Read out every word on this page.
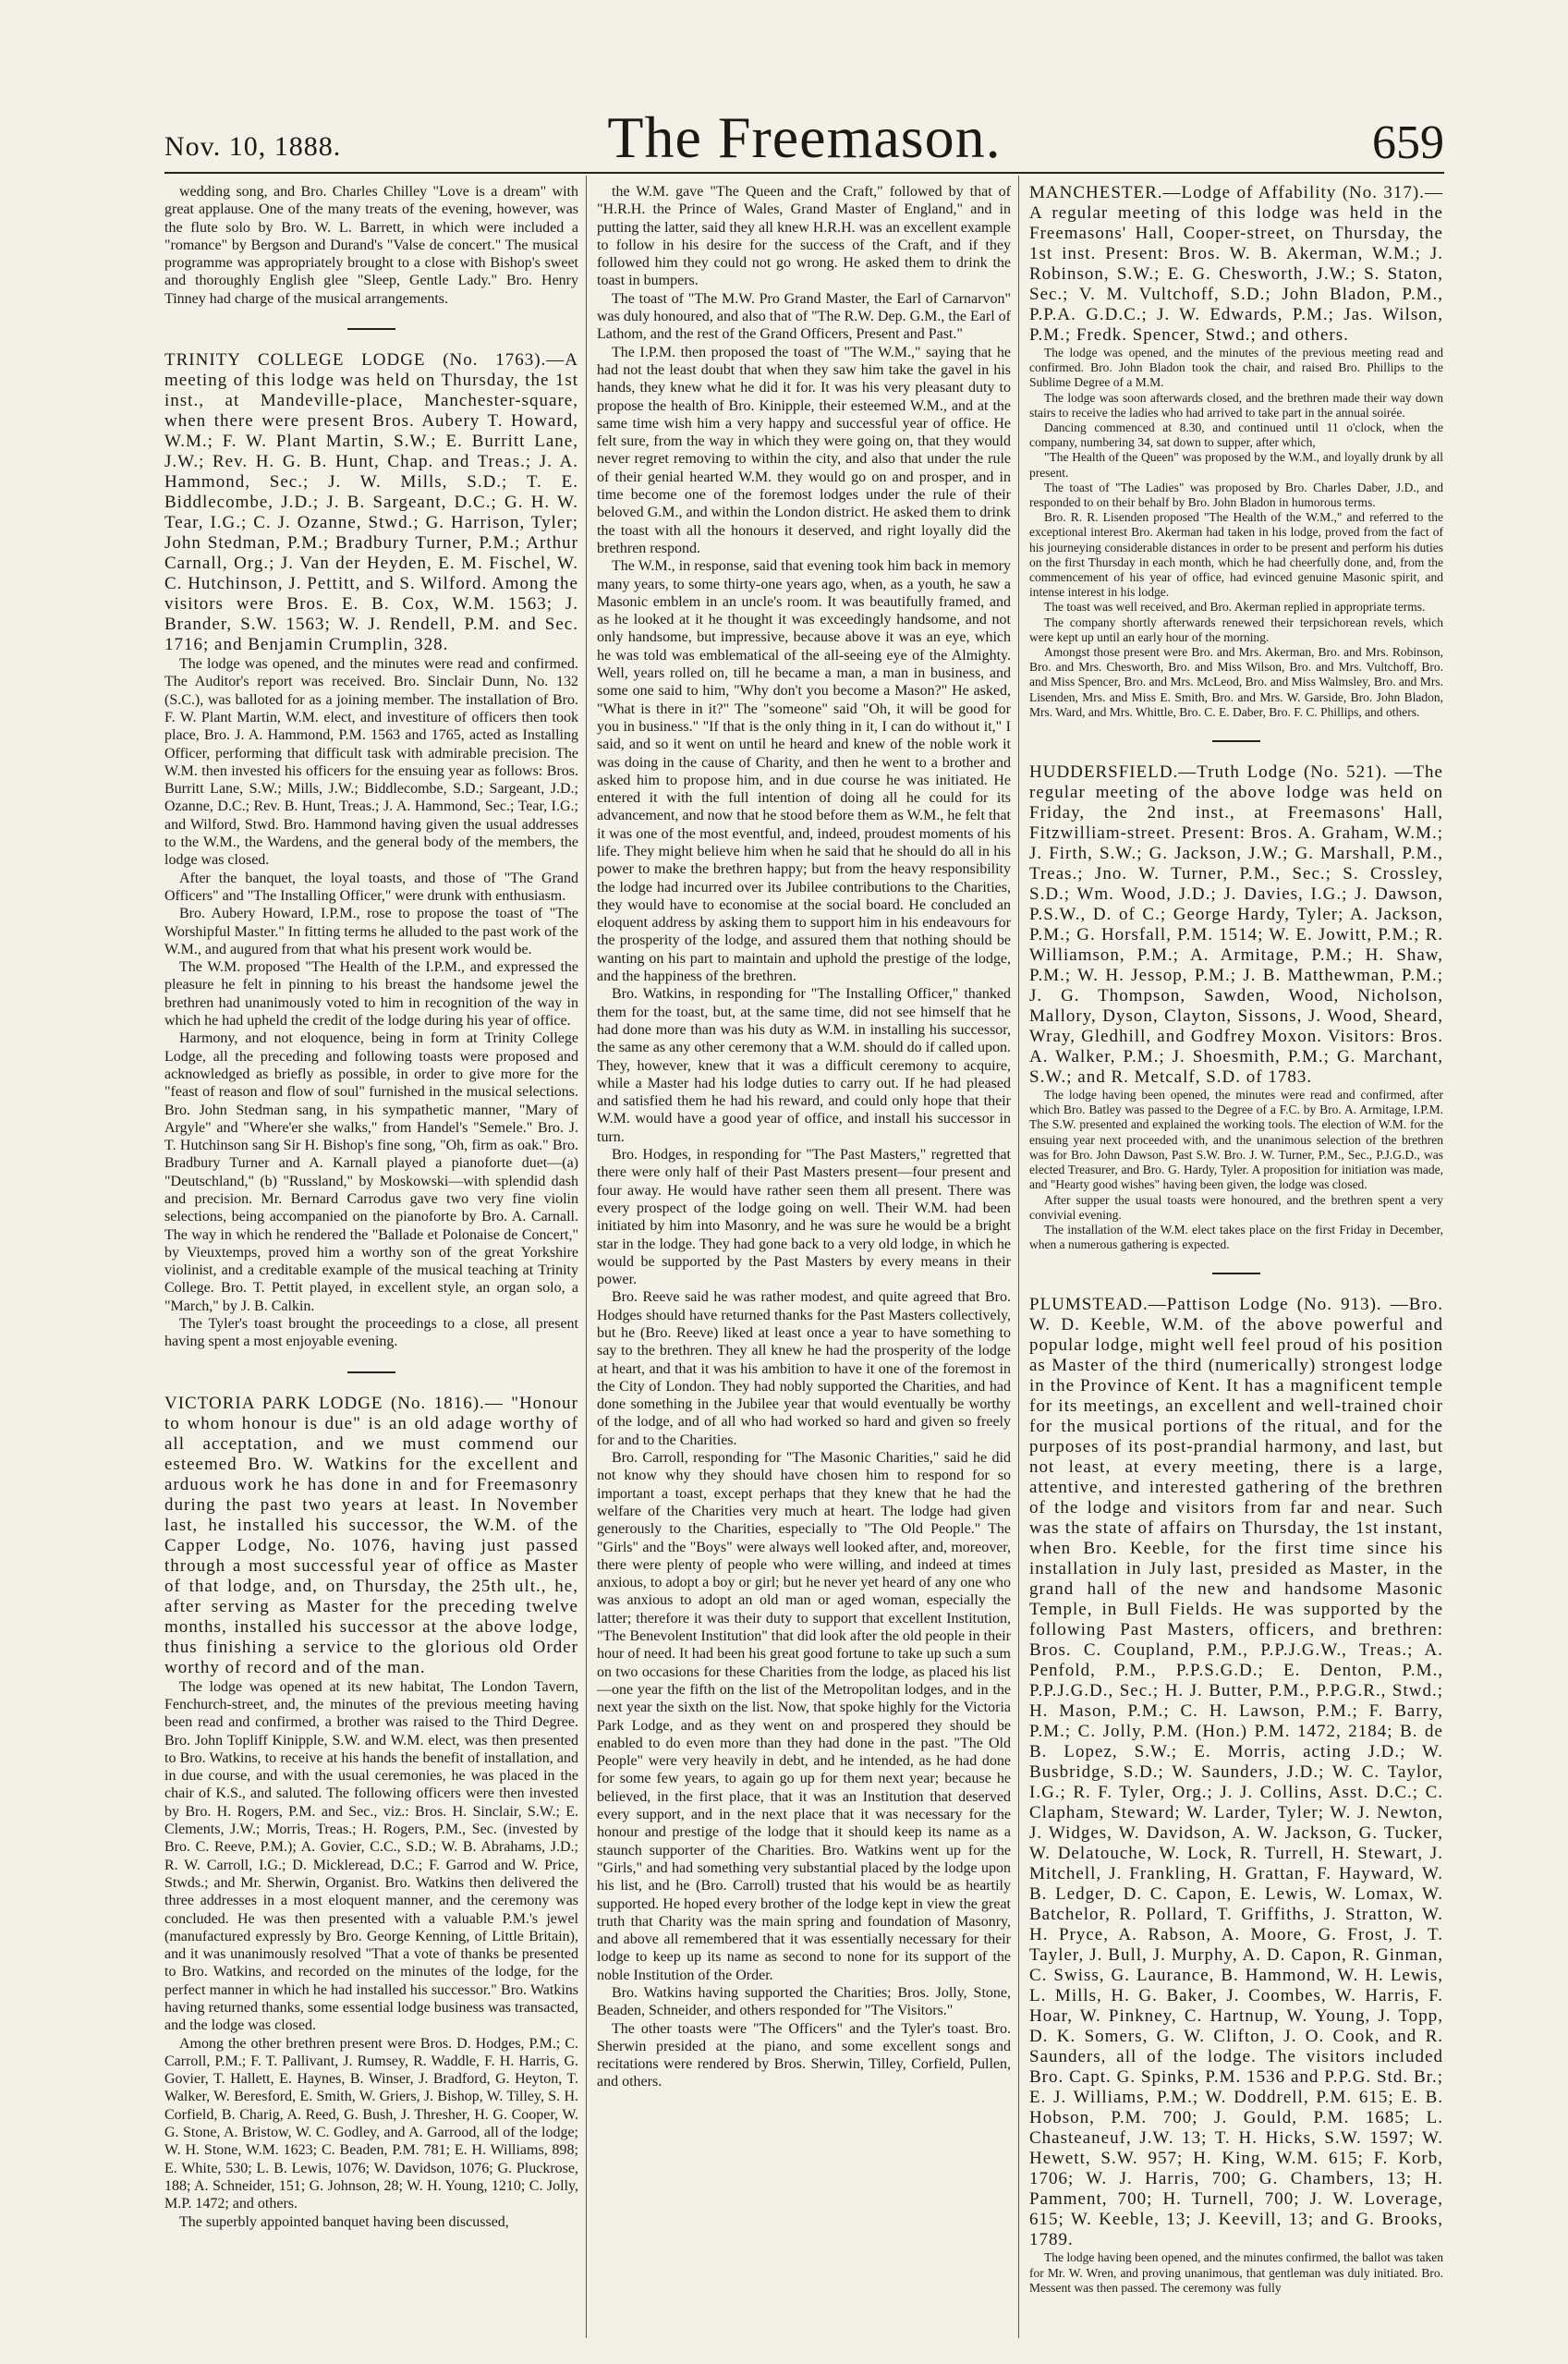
Nov. 10, 1888.	The Freemason.	659

wedding song, and Bro. Charles Chilley "Love is a dream" with great applause. One of the many treats of the evening, however, was the flute solo by Bro. W. L. Barrett, in which were included a "romance" by Bergson and Durand's "Valse de concert." The musical programme was appropriately brought to a close with Bishop's sweet and thoroughly English glee "Sleep, Gentle Lady." Bro. Henry Tinney had charge of the musical arrangements.

TRINITY COLLEGE LODGE (No. 1763).—A meeting of this lodge was held on Thursday, the 1st inst., at Mandeville-place, Manchester-square, when there were present Bros. Aubery T. Howard, W.M.; F. W. Plant Martin, S.W.; E. Burritt Lane, J.W.; Rev. H. G. B. Hunt, Chap. and Treas.; J. A. Hammond, Sec.; J. W. Mills, S.D.; T. E. Biddlecombe, J.D.; J. B. Sargeant, D.C.; G. H. W. Tear, I.G.; C. J. Ozanne, Stwd.; G. Harrison, Tyler; John Stedman, P.M.; Bradbury Turner, P.M.; Arthur Carnall, Org.; J. Van der Heyden, E. M. Fischel, W. C. Hutchinson, J. Pettitt, and S. Wilford. Among the visitors were Bros. E. B. Cox, W.M. 1563; J. Brander, S.W. 1563; W. J. Rendell, P.M. and Sec. 1716; and Benjamin Crumplin, 328.

The lodge was opened, and the minutes were read and confirmed. The Auditor's report was received. Bro. Sinclair Dunn, No. 132 (S.C.), was balloted for as a joining member. The installation of Bro. F. W. Plant Martin, W.M. elect, and investiture of officers then took place, Bro. J. A. Hammond, P.M. 1563 and 1765, acted as Installing Officer, performing that difficult task with admirable precision. The W.M. then invested his officers for the ensuing year as follows: Bros. Burritt Lane, S.W.; Mills, J.W.; Biddlecombe, S.D.; Sargeant, J.D.; Ozanne, D.C.; Rev. B. Hunt, Treas.; J. A. Hammond, Sec.; Tear, I.G.; and Wilford, Stwd. Bro. Hammond having given the usual addresses to the W.M., the Wardens, and the general body of the members, the lodge was closed.

After the banquet, the loyal toasts, and those of "The Grand Officers" and "The Installing Officer," were drunk with enthusiasm.

Bro. Aubery Howard, I.P.M., rose to propose the toast of "The Worshipful Master." In fitting terms he alluded to the past work of the W.M., and augured from that what his present work would be.

The W.M. proposed "The Health of the I.P.M., and expressed the pleasure he felt in pinning to his breast the handsome jewel the brethren had unanimously voted to him in recognition of the way in which he had upheld the credit of the lodge during his year of office.

Harmony, and not eloquence, being in form at Trinity College Lodge, all the preceding and following toasts were proposed and acknowledged as briefly as possible, in order to give more for the "feast of reason and flow of soul" furnished in the musical selections. Bro. John Stedman sang, in his sympathetic manner, "Mary of Argyle" and "Where'er she walks," from Handel's "Semele." Bro. J. T. Hutchinson sang Sir H. Bishop's fine song, "Oh, firm as oak." Bro. Bradbury Turner and A. Karnall played a pianoforte duet—(a) "Deutschland," (b) "Russland," by Moskowski—with splendid dash and precision. Mr. Bernard Carrodus gave two very fine violin selections, being accompanied on the pianoforte by Bro. A. Carnall. The way in which he rendered the "Ballade et Polonaise de Concert," by Vieuxtemps, proved him a worthy son of the great Yorkshire violinist, and a creditable example of the musical teaching at Trinity College. Bro. T. Pettit played, in excellent style, an organ solo, a "March," by J. B. Calkin.

The Tyler's toast brought the proceedings to a close, all present having spent a most enjoyable evening.

VICTORIA PARK LODGE (No. 1816).— "Honour to whom honour is due" is an old adage worthy of all acceptation, and we must commend our esteemed Bro. W. Watkins for the excellent and arduous work he has done in and for Freemasonry during the past two years at least. In November last, he installed his successor, the W.M. of the Capper Lodge, No. 1076, having just passed through a most successful year of office as Master of that lodge, and, on Thursday, the 25th ult., he, after serving as Master for the preceding twelve months, installed his successor at the above lodge, thus finishing a service to the glorious old Order worthy of record and of the man.

The lodge was opened at its new habitat, The London Tavern, Fenchurch-street, and, the minutes of the previous meeting having been read and confirmed, a brother was raised to the Third Degree. Bro. John Topliff Kinipple, S.W. and W.M. elect, was then presented to Bro. Watkins, to receive at his hands the benefit of installation, and in due course, and with the usual ceremonies, he was placed in the chair of K.S., and saluted. The following officers were then invested by Bro. H. Rogers, P.M. and Sec., viz.: Bros. H. Sinclair, S.W.; E. Clements, J.W.; Morris, Treas.; H. Rogers, P.M., Sec. (invested by Bro. C. Reeve, P.M.); A. Govier, C.C., S.D.; W. B. Abrahams, J.D.; R. W. Carroll, I.G.; D. Mickleread, D.C.; F. Garrod and W. Price, Stwds.; and Mr. Sherwin, Organist. Bro. Watkins then delivered the three addresses in a most eloquent manner, and the ceremony was concluded. He was then presented with a valuable P.M.'s jewel (manufactured expressly by Bro. George Kenning, of Little Britain), and it was unanimously resolved "That a vote of thanks be presented to Bro. Watkins, and recorded on the minutes of the lodge, for the perfect manner in which he had installed his successor." Bro. Watkins having returned thanks, some essential lodge business was transacted, and the lodge was closed.

Among the other brethren present were Bros. D. Hodges, P.M.; C. Carroll, P.M.; F. T. Pallivant, J. Rumsey, R. Waddle, F. H. Harris, G. Govier, T. Hallett, E. Haynes, B. Winser, J. Bradford, G. Heyton, T. Walker, W. Beresford, E. Smith, W. Griers, J. Bishop, W. Tilley, S. H. Corfield, B. Charig, A. Reed, G. Bush, J. Thresher, H. G. Cooper, W. G. Stone, A. Bristow, W. C. Godley, and A. Garrood, all of the lodge; W. H. Stone, W.M. 1623; C. Beaden, P.M. 781; E. H. Williams, 898; E. White, 530; L. B. Lewis, 1076; W. Davidson, 1076; G. Pluckrose, 188; A. Schneider, 151; G. Johnson, 28; W. H. Young, 1210; C. Jolly, M.P. 1472; and others.

The superbly appointed banquet having been discussed,

the W.M. gave "The Queen and the Craft," followed by that of "H.R.H. the Prince of Wales, Grand Master of England," and in putting the latter, said they all knew H.R.H. was an excellent example to follow in his desire for the success of the Craft, and if they followed him they could not go wrong. He asked them to drink the toast in bumpers.

The toast of "The M.W. Pro Grand Master, the Earl of Carnarvon" was duly honoured, and also that of "The R.W. Dep. G.M., the Earl of Lathom, and the rest of the Grand Officers, Present and Past."

The I.P.M. then proposed the toast of "The W.M.," saying that he had not the least doubt that when they saw him take the gavel in his hands, they knew what he did it for. It was his very pleasant duty to propose the health of Bro. Kinipple, their esteemed W.M., and at the same time wish him a very happy and successful year of office. He felt sure, from the way in which they were going on, that they would never regret removing to within the city, and also that under the rule of their genial hearted W.M. they would go on and prosper, and in time become one of the foremost lodges under the rule of their beloved G.M., and within the London district. He asked them to drink the toast with all the honours it deserved, and right loyally did the brethren respond.

The W.M., in response, said that evening took him back in memory many years, to some thirty-one years ago, when, as a youth, he saw a Masonic emblem in an uncle's room. It was beautifully framed, and as he looked at it he thought it was exceedingly handsome, and not only handsome, but impressive, because above it was an eye, which he was told was emblematical of the all-seeing eye of the Almighty. Well, years rolled on, till he became a man, a man in business, and some one said to him, "Why don't you become a Mason?" He asked, "What is there in it?" The "someone" said "Oh, it will be good for you in business." "If that is the only thing in it, I can do without it," I said, and so it went on until he heard and knew of the noble work it was doing in the cause of Charity, and then he went to a brother and asked him to propose him, and in due course he was initiated. He entered it with the full intention of doing all he could for its advancement, and now that he stood before them as W.M., he felt that it was one of the most eventful, and, indeed, proudest moments of his life. They might believe him when he said that he should do all in his power to make the brethren happy; but from the heavy responsibility the lodge had incurred over its Jubilee contributions to the Charities, they would have to economise at the social board. He concluded an eloquent address by asking them to support him in his endeavours for the prosperity of the lodge, and assured them that nothing should be wanting on his part to maintain and uphold the prestige of the lodge, and the happiness of the brethren.

Bro. Watkins, in responding for "The Installing Officer," thanked them for the toast, but, at the same time, did not see himself that he had done more than was his duty as W.M. in installing his successor, the same as any other ceremony that a W.M. should do if called upon. They, however, knew that it was a difficult ceremony to acquire, while a Master had his lodge duties to carry out. If he had pleased and satisfied them he had his reward, and could only hope that their W.M. would have a good year of office, and install his successor in turn.

Bro. Hodges, in responding for "The Past Masters," regretted that there were only half of their Past Masters present—four present and four away. He would have rather seen them all present. There was every prospect of the lodge going on well. Their W.M. had been initiated by him into Masonry, and he was sure he would be a bright star in the lodge. They had gone back to a very old lodge, in which he would be supported by the Past Masters by every means in their power.

Bro. Reeve said he was rather modest, and quite agreed that Bro. Hodges should have returned thanks for the Past Masters collectively, but he (Bro. Reeve) liked at least once a year to have something to say to the brethren. They all knew he had the prosperity of the lodge at heart, and that it was his ambition to have it one of the foremost in the City of London. They had nobly supported the Charities, and had done something in the Jubilee year that would eventually be worthy of the lodge, and of all who had worked so hard and given so freely for and to the Charities.

Bro. Carroll, responding for "The Masonic Charities," said he did not know why they should have chosen him to respond for so important a toast, except perhaps that they knew that he had the welfare of the Charities very much at heart. The lodge had given generously to the Charities, especially to "The Old People." The "Girls" and the "Boys" were always well looked after, and, moreover, there were plenty of people who were willing, and indeed at times anxious, to adopt a boy or girl; but he never yet heard of any one who was anxious to adopt an old man or aged woman, especially the latter; therefore it was their duty to support that excellent Institution, "The Benevolent Institution" that did look after the old people in their hour of need. It had been his great good fortune to take up such a sum on two occasions for these Charities from the lodge, as placed his list—one year the fifth on the list of the Metropolitan lodges, and in the next year the sixth on the list. Now, that spoke highly for the Victoria Park Lodge, and as they went on and prospered they should be enabled to do even more than they had done in the past. "The Old People" were very heavily in debt, and he intended, as he had done for some few years, to again go up for them next year; because he believed, in the first place, that it was an Institution that deserved every support, and in the next place that it was necessary for the honour and prestige of the lodge that it should keep its name as a staunch supporter of the Charities. Bro. Watkins went up for the "Girls," and had something very substantial placed by the lodge upon his list, and he (Bro. Carroll) trusted that his would be as heartily supported. He hoped every brother of the lodge kept in view the great truth that Charity was the main spring and foundation of Masonry, and above all remembered that it was essentially necessary for their lodge to keep up its name as second to none for its support of the noble Institution of the Order.

Bro. Watkins having supported the Charities; Bros. Jolly, Stone, Beaden, Schneider, and others responded for "The Visitors."

The other toasts were "The Officers" and the Tyler's toast. Bro. Sherwin presided at the piano, and some excellent songs and recitations were rendered by Bros. Sherwin, Tilley, Corfield, Pullen, and others.

MANCHESTER.—Lodge of Affability (No. 317).—A regular meeting of this lodge was held in the Freemasons' Hall, Cooper-street, on Thursday, the 1st inst. Present: Bros. W. B. Akerman, W.M.; J. Robinson, S.W.; E. G. Chesworth, J.W.; S. Staton, Sec.; V. M. Vultchoff, S.D.; John Bladon, P.M., P.P.A. G.D.C.; J. W. Edwards, P.M.; Jas. Wilson, P.M.; Fredk. Spencer, Stwd.; and others.

The lodge was opened, and the minutes of the previous meeting read and confirmed. Bro. John Bladon took the chair, and raised Bro. Phillips to the Sublime Degree of a M.M.

The lodge was soon afterwards closed, and the brethren made their way down stairs to receive the ladies who had arrived to take part in the annual soirée.

Dancing commenced at 8.30, and continued until 11 o'clock, when the company, numbering 34, sat down to supper, after which,

"The Health of the Queen" was proposed by the W.M., and loyally drunk by all present.

The toast of "The Ladies" was proposed by Bro. Charles Daber, J.D., and responded to on their behalf by Bro. John Bladon in humorous terms.

Bro. R. R. Lisenden proposed "The Health of the W.M.," and referred to the exceptional interest Bro. Akerman had taken in his lodge, proved from the fact of his journeying considerable distances in order to be present and perform his duties on the first Thursday in each month, which he had cheerfully done, and, from the commencement of his year of office, had evinced genuine Masonic spirit, and intense interest in his lodge.

The toast was well received, and Bro. Akerman replied in appropriate terms.

The company shortly afterwards renewed their terpsichorean revels, which were kept up until an early hour of the morning.

Amongst those present were Bro. and Mrs. Akerman, Bro. and Mrs. Robinson, Bro. and Mrs. Chesworth, Bro. and Miss Wilson, Bro. and Mrs. Vultchoff, Bro. and Miss Spencer, Bro. and Mrs. McLeod, Bro. and Miss Walmsley, Bro. and Mrs. Lisenden, Mrs. and Miss E. Smith, Bro. and Mrs. W. Garside, Bro. John Bladon, Mrs. Ward, and Mrs. Whittle, Bro. C. E. Daber, Bro. F. C. Phillips, and others.

HUDDERSFIELD.—Truth Lodge (No. 521). —The regular meeting of the above lodge was held on Friday, the 2nd inst., at Freemasons' Hall, Fitzwilliam-street. Present: Bros. A. Graham, W.M.; J. Firth, S.W.; G. Jackson, J.W.; G. Marshall, P.M., Treas.; Jno. W. Turner, P.M., Sec.; S. Crossley, S.D.; Wm. Wood, J.D.; J. Davies, I.G.; J. Dawson, P.S.W., D. of C.; George Hardy, Tyler; A. Jackson, P.M.; G. Horsfall, P.M. 1514; W. E. Jowitt, P.M.; R. Williamson, P.M.; A. Armitage, P.M.; H. Shaw, P.M.; W. H. Jessop, P.M.; J. B. Matthewman, P.M.; J. G. Thompson, Sawden, Wood, Nicholson, Mallory, Dyson, Clayton, Sissons, J. Wood, Sheard, Wray, Gledhill, and Godfrey Moxon. Visitors: Bros. A. Walker, P.M.; J. Shoesmith, P.M.; G. Marchant, S.W.; and R. Metcalf, S.D. of 1783.

The lodge having been opened, the minutes were read and confirmed, after which Bro. Batley was passed to the Degree of a F.C. by Bro. A. Armitage, I.P.M. The S.W. presented and explained the working tools. The election of W.M. for the ensuing year next proceeded with, and the unanimous selection of the brethren was for Bro. John Dawson, Past S.W. Bro. J. W. Turner, P.M., Sec., P.J.G.D., was elected Treasurer, and Bro. G. Hardy, Tyler. A proposition for initiation was made, and "Hearty good wishes" having been given, the lodge was closed.

After supper the usual toasts were honoured, and the brethren spent a very convivial evening.

The installation of the W.M. elect takes place on the first Friday in December, when a numerous gathering is expected.

PLUMSTEAD.—Pattison Lodge (No. 913). —Bro. W. D. Keeble, W.M. of the above powerful and popular lodge, might well feel proud of his position as Master of the third (numerically) strongest lodge in the Province of Kent. It has a magnificent temple for its meetings, an excellent and well-trained choir for the musical portions of the ritual, and for the purposes of its post-prandial harmony, and last, but not least, at every meeting, there is a large, attentive, and interested gathering of the brethren of the lodge and visitors from far and near. Such was the state of affairs on Thursday, the 1st instant, when Bro. Keeble, for the first time since his installation in July last, presided as Master, in the grand hall of the new and handsome Masonic Temple, in Bull Fields. He was supported by the following Past Masters, officers, and brethren: Bros. C. Coupland, P.M., P.P.J.G.W., Treas.; A. Penfold, P.M., P.P.S.G.D.; E. Denton, P.M., P.P.J.G.D., Sec.; H. J. Butter, P.M., P.P.G.R., Stwd.; H. Mason, P.M.; C. H. Lawson, P.M.; F. Barry, P.M.; C. Jolly, P.M. (Hon.) P.M. 1472, 2184; B. de B. Lopez, S.W.; E. Morris, acting J.D.; W. Busbridge, S.D.; W. Saunders, J.D.; W. C. Taylor, I.G.; R. F. Tyler, Org.; J. J. Collins, Asst. D.C.; C. Clapham, Steward; W. Larder, Tyler; W. J. Newton, J. Widges, W. Davidson, A. W. Jackson, G. Tucker, W. Delatouche, W. Lock, R. Turrell, H. Stewart, J. Mitchell, J. Frankling, H. Grattan, F. Hayward, W. B. Ledger, D. C. Capon, E. Lewis, W. Lomax, W. Batchelor, R. Pollard, T. Griffiths, J. Stratton, W. H. Pryce, A. Rabson, A. Moore, G. Frost, J. T. Tayler, J. Bull, J. Murphy, A. D. Capon, R. Ginman, C. Swiss, G. Laurance, B. Hammond, W. H. Lewis, L. Mills, H. G. Baker, J. Coombes, W. Harris, F. Hoar, W. Pinkney, C. Hartnup, W. Young, J. Topp, D. K. Somers, G. W. Clifton, J. O. Cook, and R. Saunders, all of the lodge. The visitors included Bro. Capt. G. Spinks, P.M. 1536 and P.P.G. Std. Br.; E. J. Williams, P.M.; W. Doddrell, P.M. 615; E. B. Hobson, P.M. 700; J. Gould, P.M. 1685; L. Chasteaneuf, J.W. 13; T. H. Hicks, S.W. 1597; W. Hewett, S.W. 957; H. King, W.M. 615; F. Korb, 1706; W. J. Harris, 700; G. Chambers, 13; H. Pamment, 700; H. Turnell, 700; J. W. Loverage, 615; W. Keeble, 13; J. Keevill, 13; and G. Brooks, 1789.

The lodge having been opened, and the minutes confirmed, the ballot was taken for Mr. W. Wren, and proving unanimous, that gentleman was duly initiated. Bro. Messent was then passed. The ceremony was fully
